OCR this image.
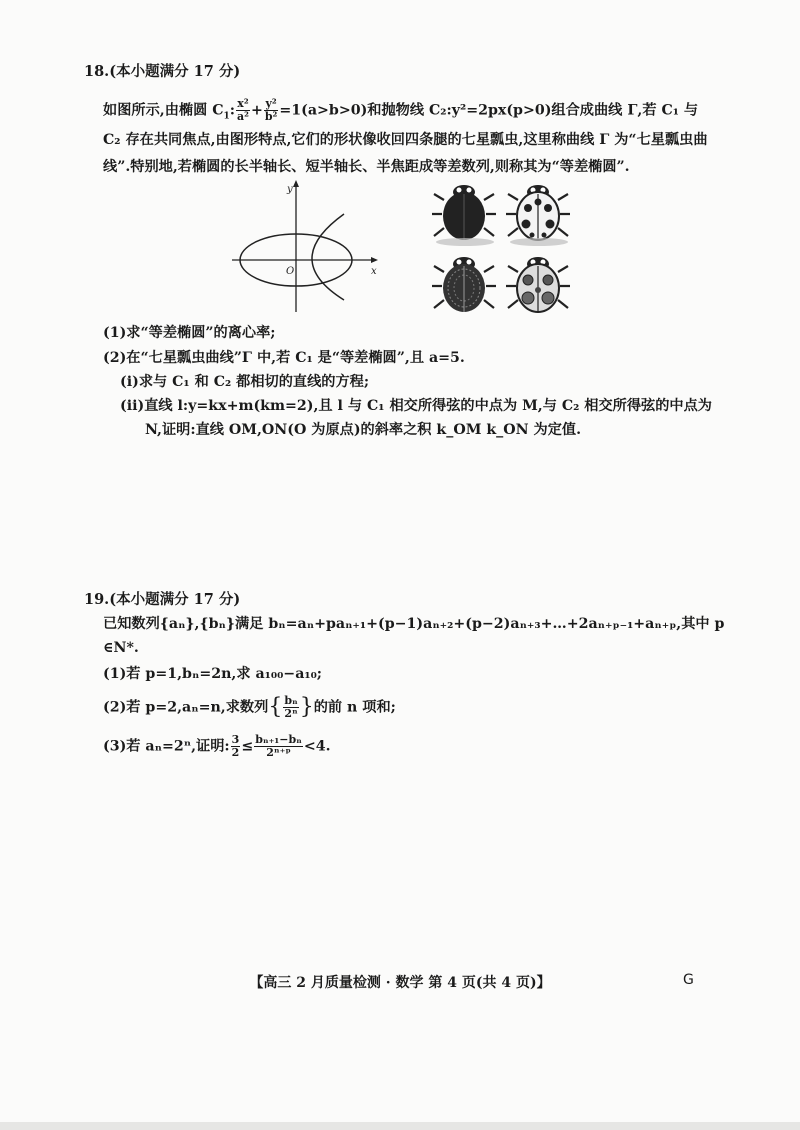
18.(本小题满分 17 分)
如图所示,由椭圆 $C_1$: $\frac{\text{x²}}{\text{a²}} + \frac{\text{y²}}{\text{b²}} =1(a>b>0)$和抛物线 C₂:y²=2px(p>0)组合成曲线 Γ,若 C₁ 与
C₂ 存在共同焦点,由图形特点,它们的形状像收回四条腿的七星瓢虫,这里称曲线 Γ 为“七星瓢虫曲
线”.特别地,若椭圆的长半轴长、短半轴长、半焦距成等差数列,则称其为“等差椭圆”.
y
x
O
(1)求“等差椭圆”的离心率;
(2)在“七星瓢虫曲线”Γ 中,若 C₁ 是“等差椭圆”,且 a=5.
(ⅰ)求与 C₁ 和 C₂ 都相切的直线的方程;
(ⅱ)直线 l:y=kx+m(km=2),且 l 与 C₁ 相交所得弦的中点为 M,与 C₂ 相交所得弦的中点为
N,证明:直线 OM,ON(O 为原点)的斜率之积 k_OM k_ON 为定值.
19.(本小题满分 17 分)
已知数列{aₙ},{bₙ}满足 bₙ=aₙ+paₙ₊₁+(p−1)aₙ₊₂+(p−2)aₙ₊₃+…+2aₙ₊ₚ₋₁+aₙ₊ₚ,其中 p
∈N*.
(1)若 p=1,bₙ=2n,求 a₁₀₀−a₁₀;
(2)若 p=2,aₙ=n,求数列{ $\frac{\text{bₙ}}{\text{2ⁿ}}$ }的前 n 项和;
(3)若 aₙ=2ⁿ,证明: $\frac{3}{2} \le \frac{\text{bₙ₊₁−bₙ}}{\text{2ⁿ⁺ᵖ}} <4$.
【高三 2 月质量检测 · 数学 第 4 页(共 4 页)】	G
